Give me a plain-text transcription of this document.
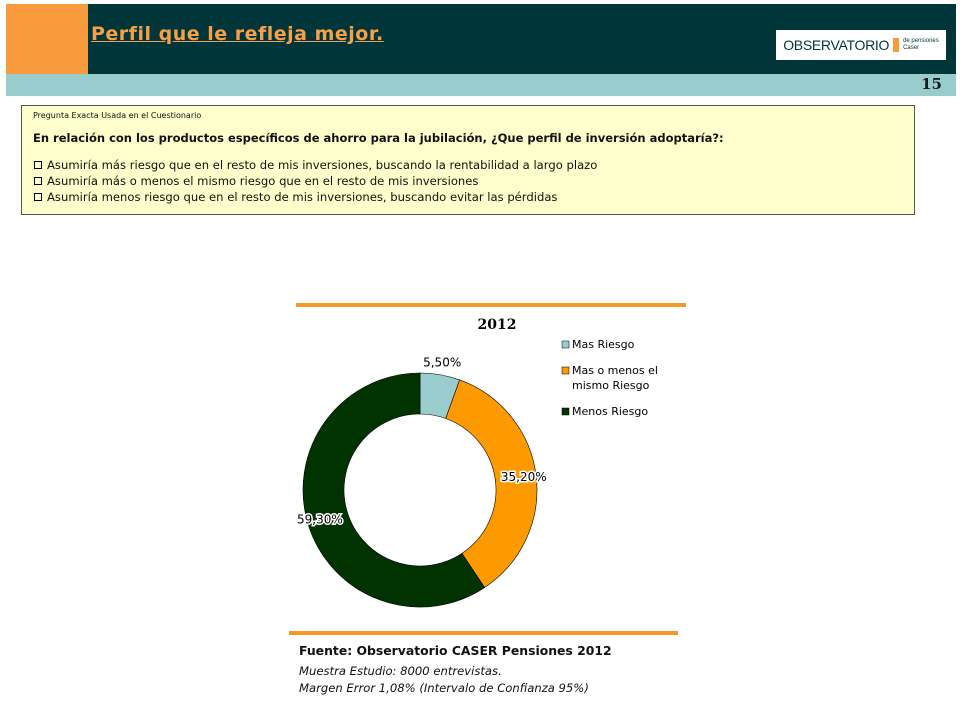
Perfil que le refleja mejor.	OBSERVATORIO de pensiones
Caser
15

Pregunta Exacta Usada en el Cuestionario

En relación con los productos específicos de ahorro para la jubilación, ¿Que perfil de inversión adoptaría?:

Asumiría más riesgo que en el resto de mis inversiones, buscando la rentabilidad a largo plazo
Asumiría más o menos el mismo riesgo que en el resto de mis inversiones
Asumiría menos riesgo que en el resto de mis inversiones, buscando evitar las pérdidas
2012
5,50%
35,20%
59,30%
Mas Riesgo
Mas o menos el
mismo Riesgo
Menos Riesgo

Fuente: Observatorio CASER Pensiones 2012

Muestra Estudio: 8000 entrevistas.

Margen Error 1,08% (Intervalo de Confianza 95%)
